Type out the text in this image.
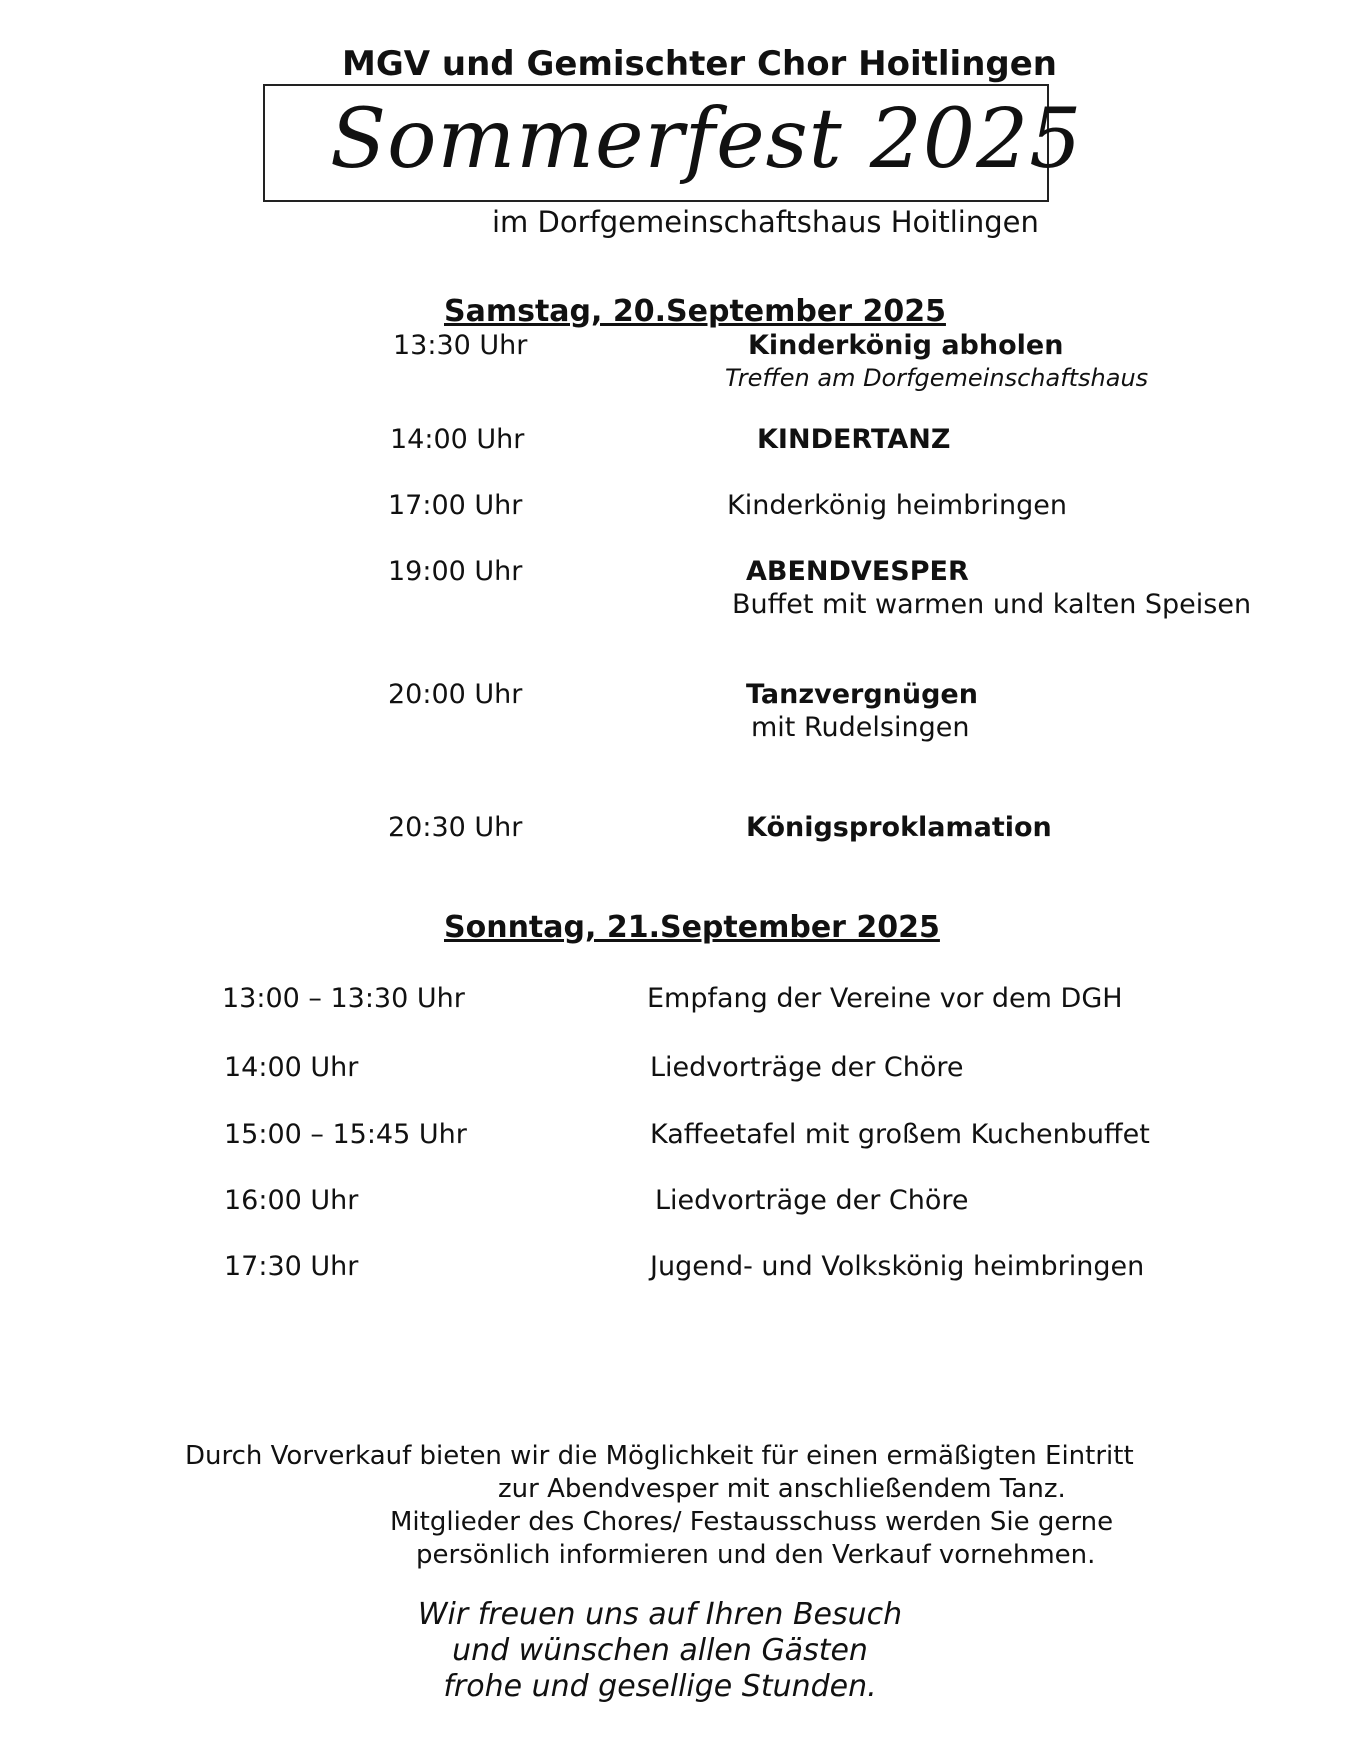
MGV und Gemischter Chor Hoitlingen
Sommerfest 2025
im Dorfgemeinschaftshaus Hoitlingen
Samstag, 20.September 2025
13:30 Uhr	Kinderkönig abholen
Treffen am Dorfgemeinschaftshaus
14:00 Uhr	KINDERTANZ
17:00 Uhr	Kinderkönig heimbringen
19:00 Uhr	ABENDVESPER
Buffet mit warmen und kalten Speisen
20:00 Uhr	Tanzvergnügen
mit Rudelsingen
20:30 Uhr	Königsproklamation
Sonntag, 21.September 2025
13:00 – 13:30 Uhr	Empfang der Vereine vor dem DGH
14:00 Uhr	Liedvorträge der Chöre
15:00 – 15:45 Uhr	Kaffeetafel mit großem Kuchenbuffet
16:00 Uhr	Liedvorträge der Chöre
17:30 Uhr	Jugend- und Volkskönig heimbringen
Durch Vorverkauf bieten wir die Möglichkeit für einen ermäßigten Eintritt
zur Abendvesper mit anschließendem Tanz.
Mitglieder des Chores/ Festausschuss werden Sie gerne
persönlich informieren und den Verkauf vornehmen.
Wir freuen uns auf Ihren Besuch
und wünschen allen Gästen
frohe und gesellige Stunden.
